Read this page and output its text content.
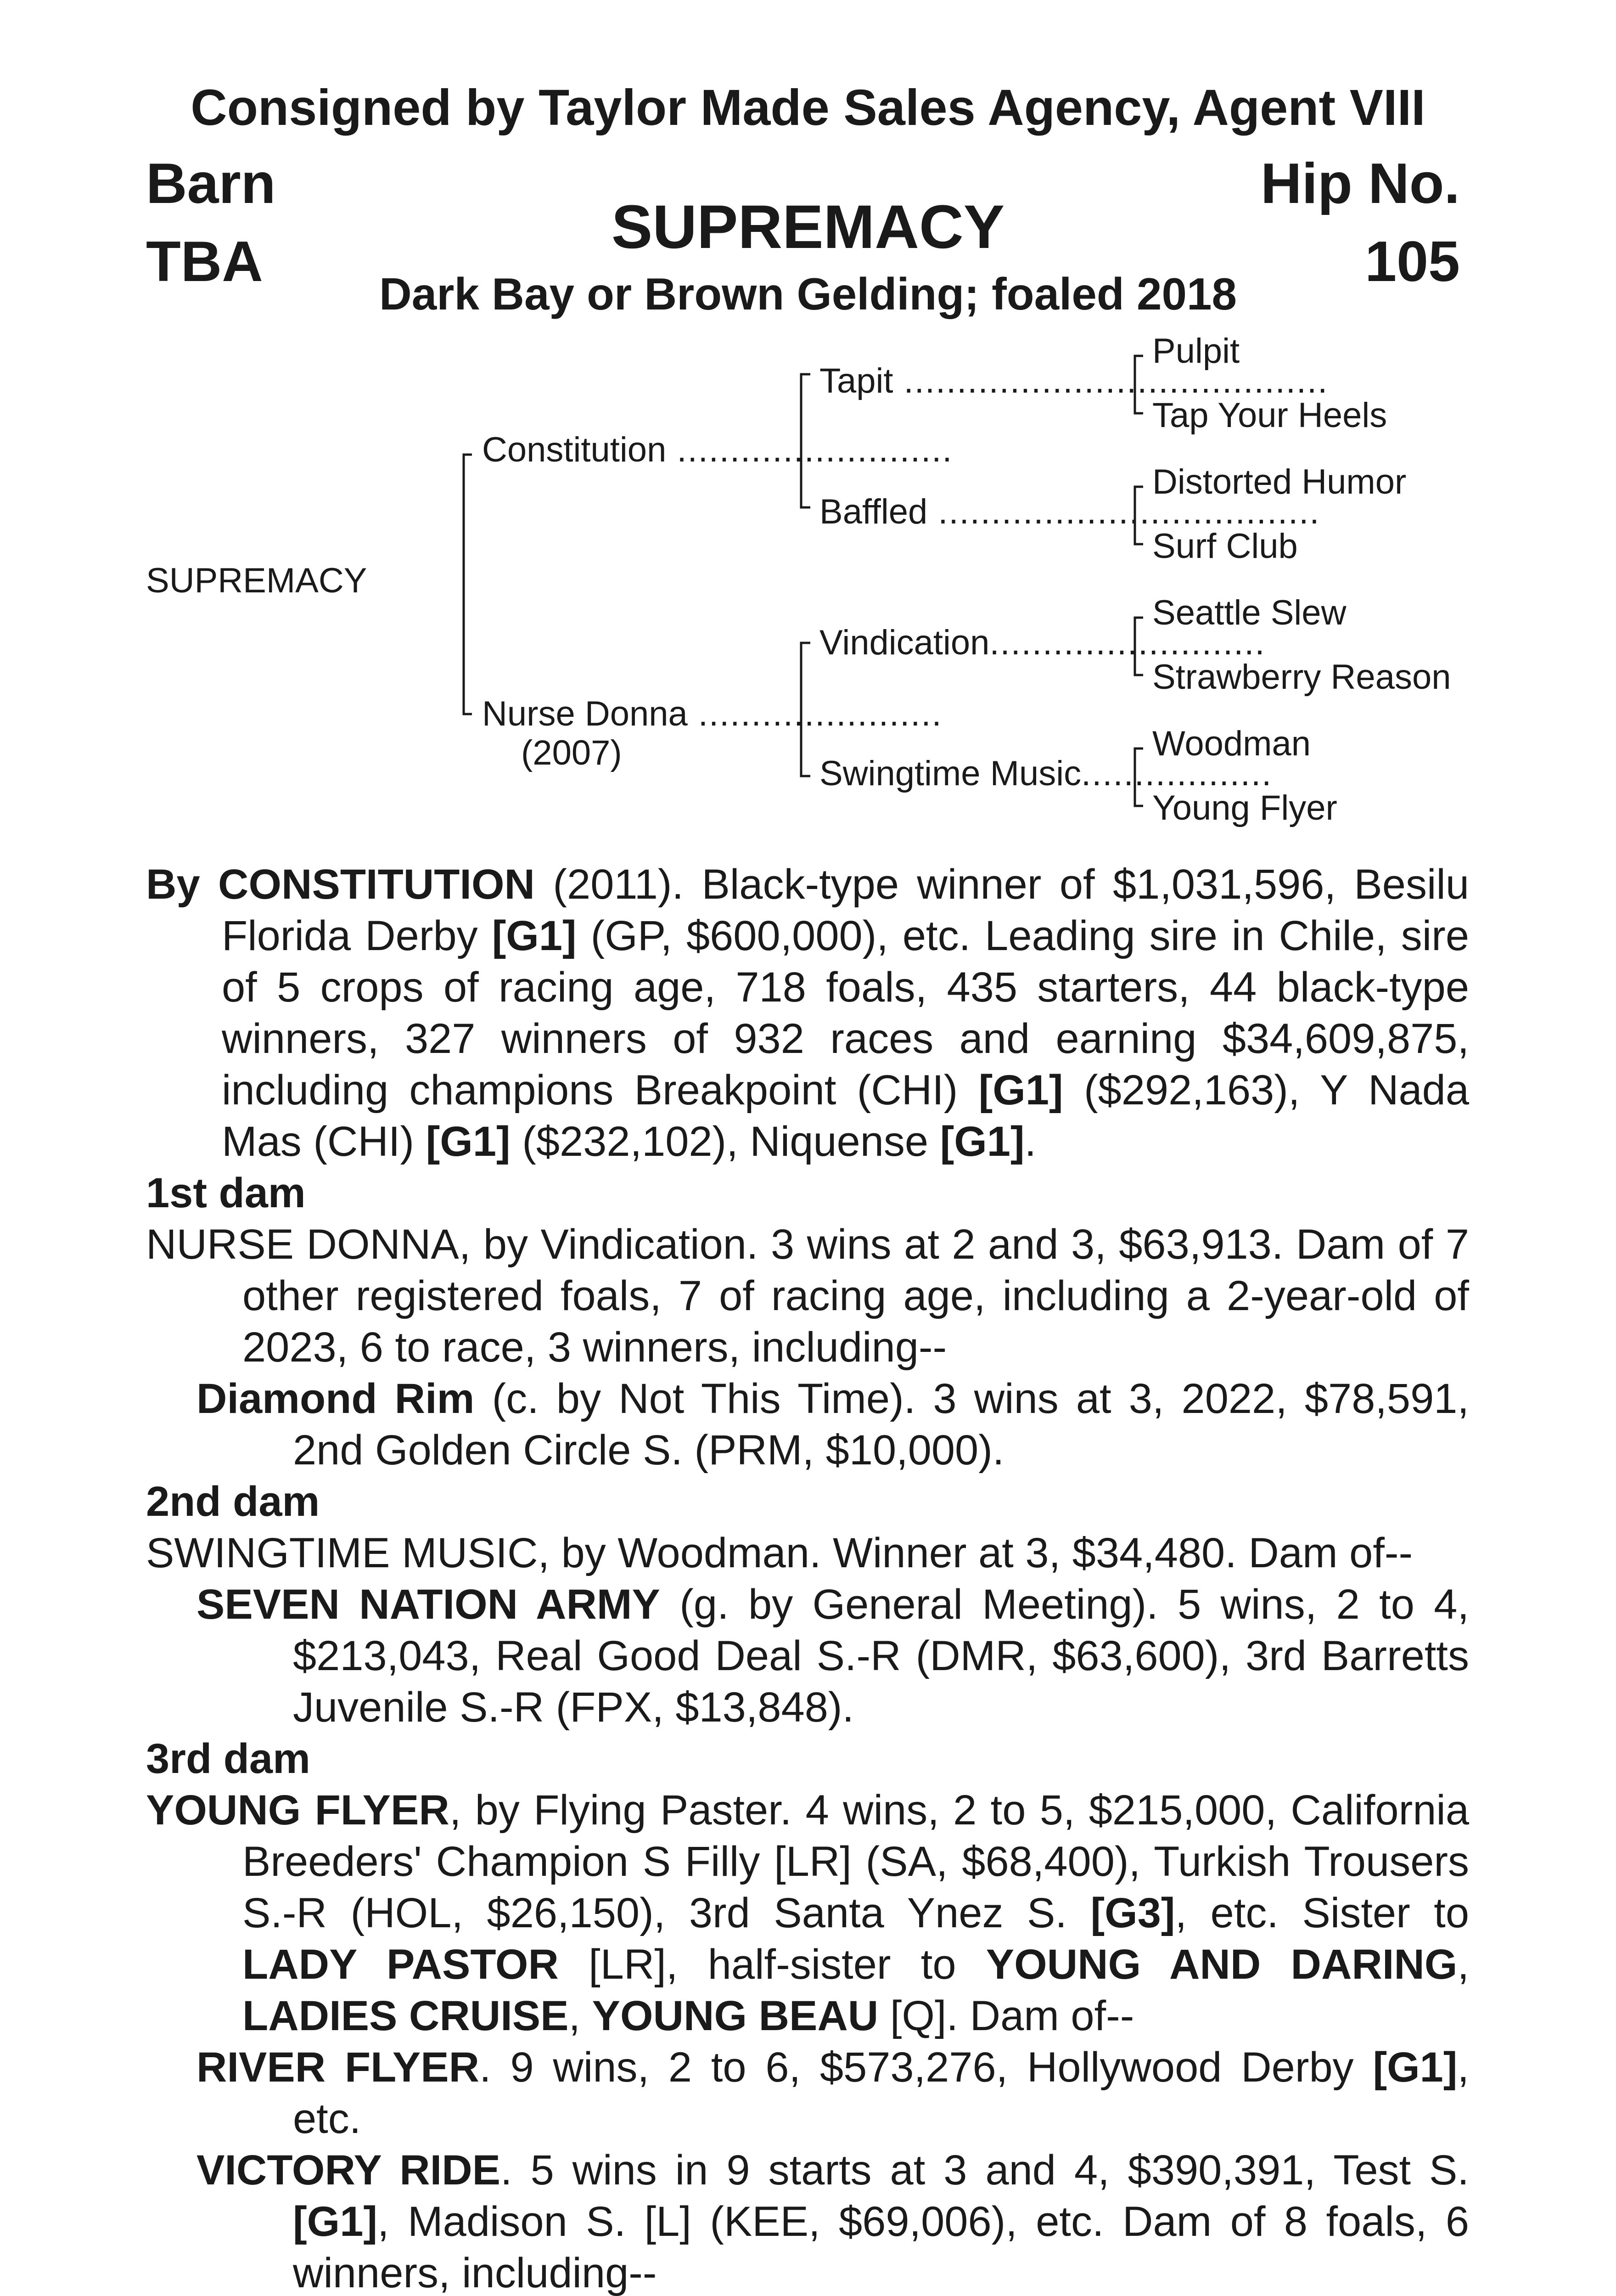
Consigned by Taylor Made Sales Agency, Agent VIII
Barn
TBA
Hip No.
105
SUPREMACY
Dark Bay or Brown Gelding; foaled 2018
SUPREMACY
Constitution ..........................
Nurse Donna .......................
(2007)
Tapit ........................................
Baffled ....................................
Vindication..........................
Swingtime Music..................
Pulpit
Tap Your Heels
Distorted Humor
Surf Club
Seattle Slew
Strawberry Reason
Woodman
Young Flyer

By CONSTITUTION (2011). Black-type winner of $1,031,596, Besilu Florida Derby [G1] (GP, $600,000), etc. Leading sire in Chile, sire of 5 crops of racing age, 718 foals, 435 starters, 44 black-type winners, 327 winners of 932 races and earning $34,609,875, including champions Breakpoint (CHI) [G1] ($292,163), Y Nada Mas (CHI) [G1] ($232,102), Niquense [G1].

1st dam

NURSE DONNA, by Vindication. 3 wins at 2 and 3, $63,913. Dam of 7 other registered foals, 7 of racing age, including a 2-year-old of 2023, 6 to race, 3 winners, including--

Diamond Rim (c. by Not This Time). 3 wins at 3, 2022, $78,591, 2nd Golden Circle S. (PRM, $10,000).

2nd dam

SWINGTIME MUSIC, by Woodman. Winner at 3, $34,480. Dam of--

SEVEN NATION ARMY (g. by General Meeting). 5 wins, 2 to 4, $213,043, Real Good Deal S.-R (DMR, $63,600), 3rd Barretts Juvenile S.-R (FPX, $13,848).

3rd dam

YOUNG FLYER, by Flying Paster. 4 wins, 2 to 5, $215,000, California Breeders' Champion S Filly [LR] (SA, $68,400), Turkish Trousers S.-R (HOL, $26,150), 3rd Santa Ynez S. [G3], etc. Sister to LADY PASTOR [LR], half-sister to YOUNG AND DARING, LADIES CRUISE, YOUNG BEAU [Q]. Dam of--

RIVER FLYER. 9 wins, 2 to 6, $573,276, Hollywood Derby [G1], etc.

VICTORY RIDE. 5 wins in 9 starts at 3 and 4, $390,391, Test S. [G1], Madison S. [L] (KEE, $69,006), etc. Dam of 8 foals, 6 winners, including--
